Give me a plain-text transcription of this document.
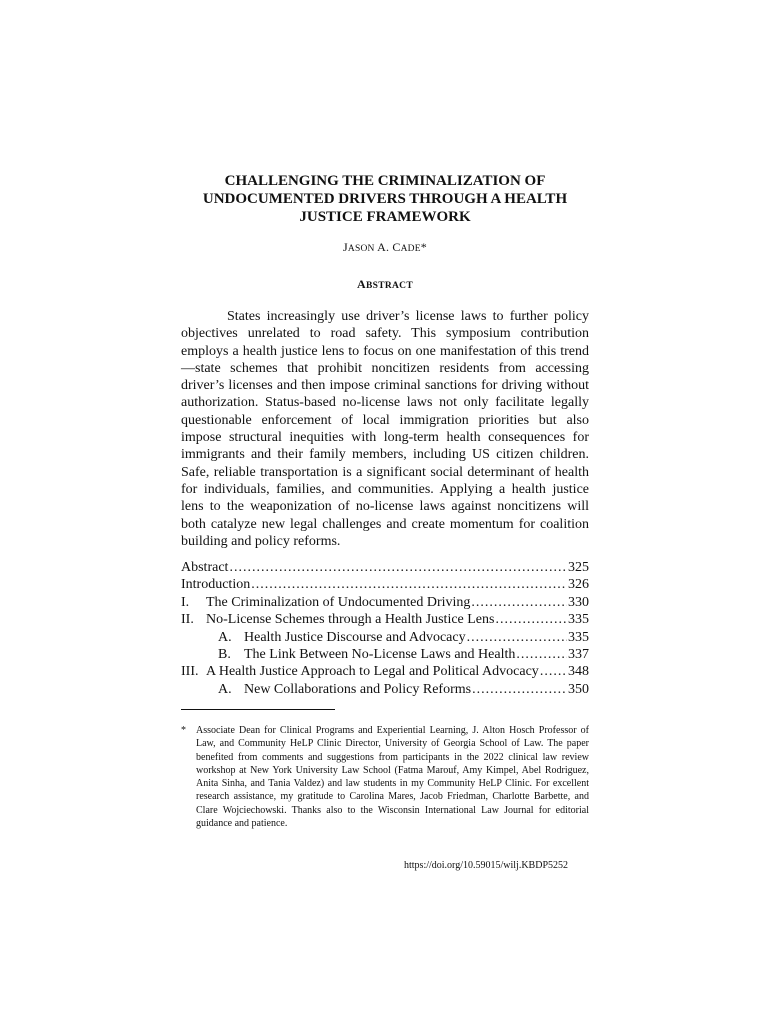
CHALLENGING THE CRIMINALIZATION OF
UNDOCUMENTED DRIVERS THROUGH A HEALTH
JUSTICE FRAMEWORK
JASON A. CADE*
ABSTRACT

States increasingly use driver’s license laws to further policy objectives unrelated to road safety. This symposium contribution employs a health justice lens to focus on one manifestation of this trend—state schemes that prohibit noncitizen residents from accessing driver’s licenses and then impose criminal sanctions for driving without authorization. Status-based no-license laws not only facilitate legally questionable enforcement of local immigration priorities but also impose structural inequities with long-term health consequences for immigrants and their family members, including US citizen children. Safe, reliable transportation is a significant social determinant of health for individuals, families, and communities. Applying a health justice lens to the weaponization of no-license laws against noncitizens will both catalyze new legal challenges and create momentum for coalition building and policy reforms.

Abstract .....	325
Introduction .....	326
I.	The Criminalization of Undocumented Driving .....	330
II. No-License Schemes through a Health Justice Lens .....	335
A. Health Justice Discourse and Advocacy .....	335
B. The Link Between No-License Laws and Health .....	337
III. A Health Justice Approach to Legal and Political Advocacy ..... 348
A. New Collaborations and Policy Reforms .....	350
*	Associate Dean for Clinical Programs and Experiential Learning, J. Alton Hosch Professor of Law, and Community HeLP Clinic Director, University of Georgia School of Law. The paper benefited from comments and suggestions from participants in the 2022 clinical law review workshop at New York University Law School (Fatma Marouf, Amy Kimpel, Abel Rodriguez, Anita Sinha, and Tania Valdez) and law students in my Community HeLP Clinic. For excellent research assistance, my gratitude to Carolina Mares, Jacob Friedman, Charlotte Barbette, and Clare Wojciechowski. Thanks also to the Wisconsin International Law Journal for editorial guidance and patience.
https://doi.org/10.59015/wilj.KBDP5252
